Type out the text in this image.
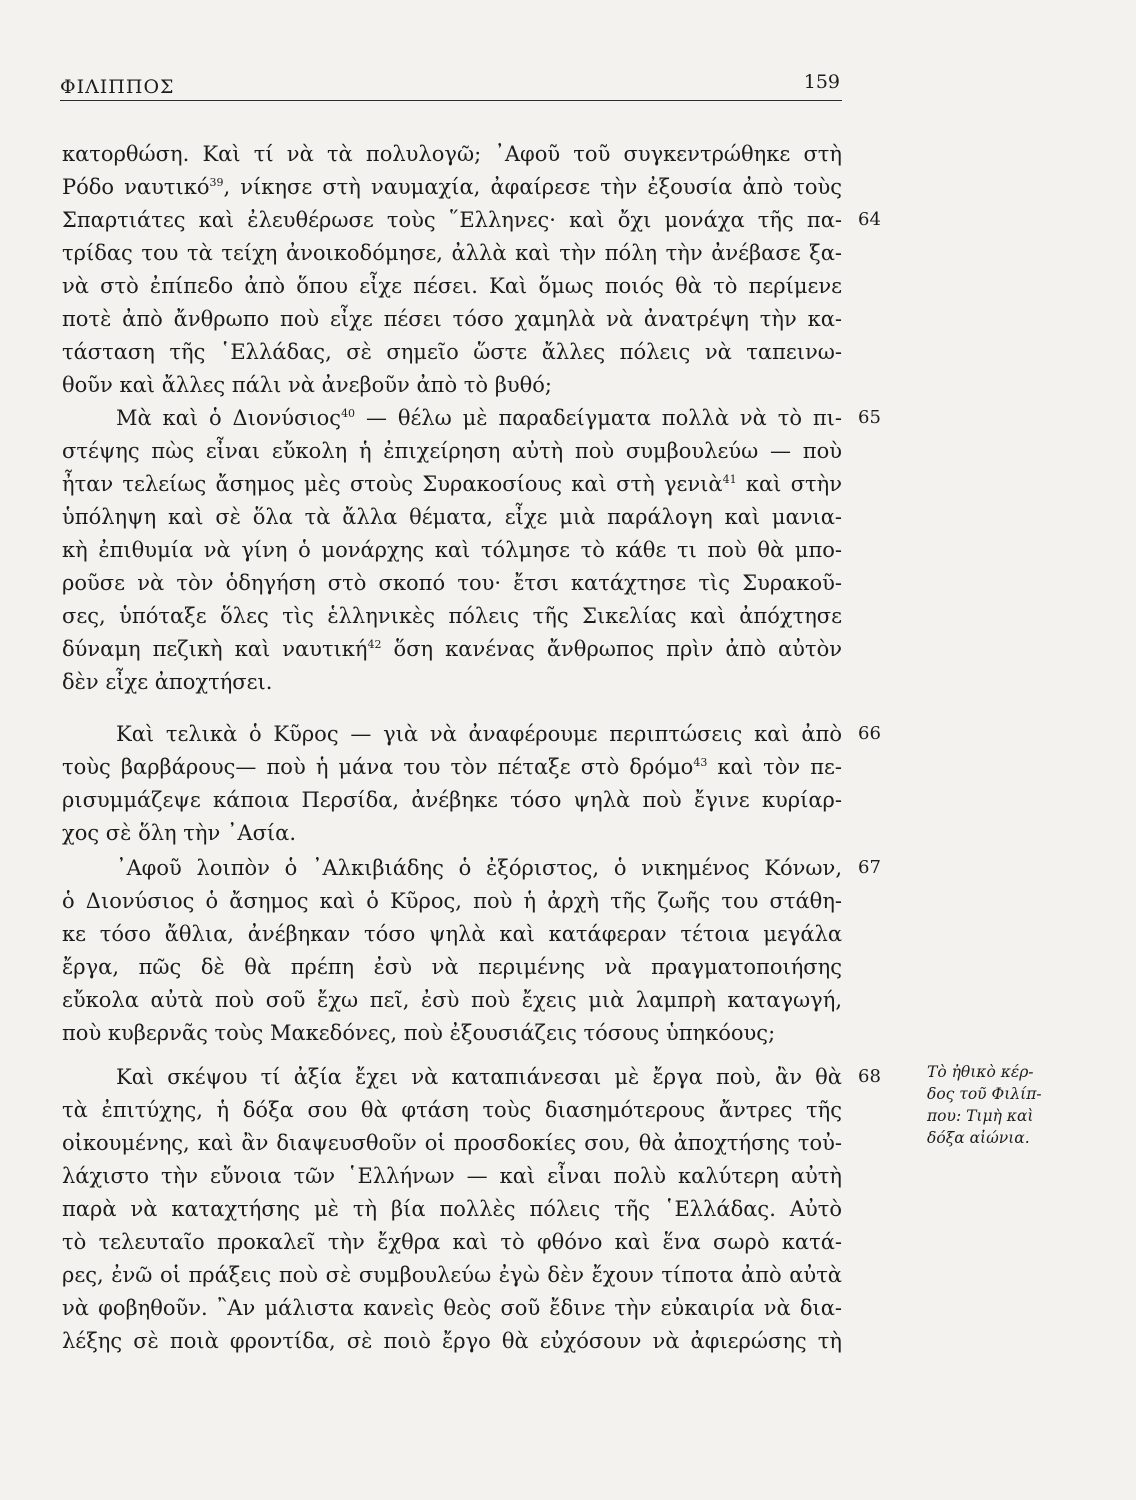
ΦΙΛΙΠΠΟΣ	159
κατορθώση. Καὶ τί νὰ τὰ πολυλογῶ; ᾿Αφοῦ τοῦ συγκεντρώθηκε στὴ
Ρόδο ναυτικό$^{39}$, νίκησε στὴ ναυμαχία, ἀφαίρεσε τὴν ἐξουσία ἀπὸ τοὺς
Σπαρτιάτες καὶ ἐλευθέρωσε τοὺς ῞Ελληνες· καὶ ὄχι μονάχα τῆς πα-
τρίδας του τὰ τείχη ἀνοικοδόμησε, ἀλλὰ καὶ τὴν πόλη τὴν ἀνέβασε ξα-
νὰ στὸ ἐπίπεδο ἀπὸ ὅπου εἶχε πέσει. Καὶ ὅμως ποιός θὰ τὸ περίμενε
ποτὲ ἀπὸ ἄνθρωπο ποὺ εἶχε πέσει τόσο χαμηλὰ νὰ ἀνατρέψη τὴν κα-
τάσταση τῆς ῾Ελλάδας, σὲ σημεῖο ὥστε ἄλλες πόλεις νὰ ταπεινω-
θοῦν καὶ ἄλλες πάλι νὰ ἀνεβοῦν ἀπὸ τὸ βυθό;
Μὰ καὶ ὁ Διονύσιος$^{40}$ — θέλω μὲ παραδείγματα πολλὰ νὰ τὸ πι-
στέψης πὼς εἶναι εὔκολη ἡ ἐπιχείρηση αὐτὴ ποὺ συμβουλεύω — ποὺ
ἦταν τελείως ἄσημος μὲς στοὺς Συρακοσίους καὶ στὴ γενιὰ$^{41}$ καὶ στὴν
ὑπόληψη καὶ σὲ ὅλα τὰ ἄλλα θέματα, εἶχε μιὰ παράλογη καὶ μανια-
κὴ ἐπιθυμία νὰ γίνη ὁ μονάρχης καὶ τόλμησε τὸ κάθε τι ποὺ θὰ μπο-
ροῦσε νὰ τὸν ὁδηγήση στὸ σκοπό του· ἔτσι κατάχτησε τὶς Συρακοῦ-
σες, ὑπόταξε ὅλες τὶς ἑλληνικὲς πόλεις τῆς Σικελίας καὶ ἀπόχτησε
δύναμη πεζικὴ καὶ ναυτική$^{42}$ ὅση κανένας ἄνθρωπος πρὶν ἀπὸ αὐτὸν
δὲν εἶχε ἀποχτήσει.
Καὶ τελικὰ ὁ Κῦρος — γιὰ νὰ ἀναφέρουμε περιπτώσεις καὶ ἀπὸ
τοὺς βαρβάρους— ποὺ ἡ μάνα του τὸν πέταξε στὸ δρόμο$^{43}$ καὶ τὸν πε-
ρισυμμάζεψε κάποια Περσίδα, ἀνέβηκε τόσο ψηλὰ ποὺ ἔγινε κυρίαρ-
χος σὲ ὅλη τὴν ᾿Ασία.
᾿Αφοῦ λοιπὸν ὁ ᾿Αλκιβιάδης ὁ ἐξόριστος, ὁ νικημένος Κόνων,
ὁ Διονύσιος ὁ ἄσημος καὶ ὁ Κῦρος, ποὺ ἡ ἀρχὴ τῆς ζωῆς του στάθη-
κε τόσο ἄθλια, ἀνέβηκαν τόσο ψηλὰ καὶ κατάφεραν τέτοια μεγάλα
ἔργα, πῶς δὲ θὰ πρέπη ἐσὺ νὰ περιμένης νὰ πραγματοποιήσης
εὔκολα αὐτὰ ποὺ σοῦ ἔχω πεῖ, ἐσὺ ποὺ ἔχεις μιὰ λαμπρὴ καταγωγή,
ποὺ κυβερνᾶς τοὺς Μακεδόνες, ποὺ ἐξουσιάζεις τόσους ὑπηκόους;
Καὶ σκέψου τί ἀξία ἔχει νὰ καταπιάνεσαι μὲ ἔργα ποὺ, ἂν θὰ
τὰ ἐπιτύχης, ἡ δόξα σου θὰ φτάση τοὺς διασημότερους ἄντρες τῆς
οἰκουμένης, καὶ ἂν διαψευσθοῦν οἱ προσδοκίες σου, θὰ ἀποχτήσης τοὐ-
λάχιστο τὴν εὔνοια τῶν ῾Ελλήνων — καὶ εἶναι πολὺ καλύτερη αὐτὴ
παρὰ νὰ καταχτήσης μὲ τὴ βία πολλὲς πόλεις τῆς ῾Ελλάδας. Αὐτὸ
τὸ τελευταῖο προκαλεῖ τὴν ἔχθρα καὶ τὸ φθόνο καὶ ἕνα σωρὸ κατά-
ρες, ἐνῶ οἱ πράξεις ποὺ σὲ συμβουλεύω ἐγὼ δὲν ἔχουν τίποτα ἀπὸ αὐτὰ
νὰ φοβηθοῦν. ῍Αν μάλιστα κανεὶς θεὸς σοῦ ἔδινε τὴν εὐκαιρία νὰ δια-
λέξης σὲ ποιὰ φροντίδα, σὲ ποιὸ ἔργο θὰ εὐχόσουν νὰ ἀφιερώσης τὴ
64
65
66
67
68	Τὸ ἠθικὸ κέρ-
δος τοῦ Φιλίπ-
που: Τιμὴ καὶ
δόξα αἰώνια.
